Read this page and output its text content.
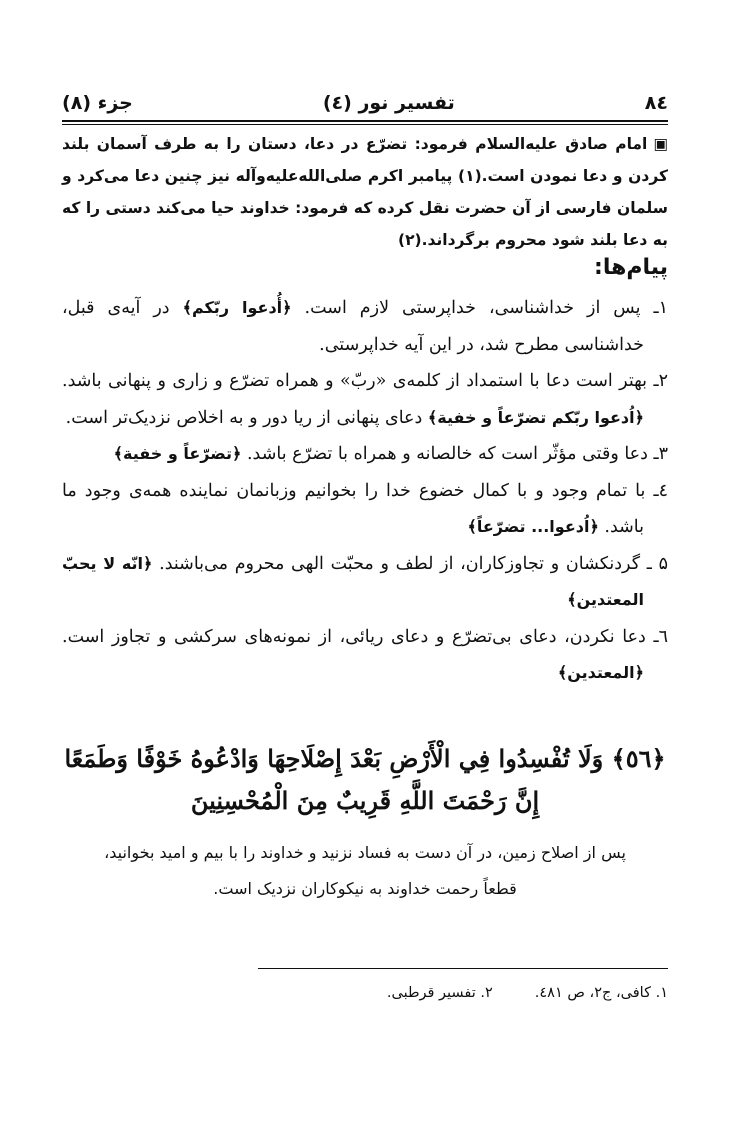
۸٤
تفسیر نور (٤)
جزء (۸)
▣امام صادق علیه‌السلام فرمود: تضرّع در دعا، دستان را به طرف آسمان بلند کردن و دعا نمودن است.(۱) پیامبر اکرم صلی‌الله‌علیه‌وآله نیز چنین دعا می‌کرد و سلمان فارسی از آن حضرت نقل کرده که فرمود: خداوند حیا می‌کند دستی را که به دعا بلند شود محروم برگرداند.(۲)
پیام‌ها:

۱ـ پس از خداشناسی، خداپرستی لازم است. ﴿أُدعوا ربّکم﴾ در آیه‌ی قبل، خداشناسی مطرح شد، در این آیه خداپرستی.

۲ـ بهتر است دعا با استمداد از کلمه‌ی «ربّ» و همراه تضرّع و زاری و پنهانی باشد. ﴿اُدعوا ربّکم تضرّعاً و خفیة﴾ دعای پنهانی از ریا دور و به اخلاص نزدیک‌تر است.

۳ـ دعا وقتی مؤثّر است که خالصانه و همراه با تضرّع باشد. ﴿تضرّعاً و خفیة﴾

٤ـ با تمام وجود و با کمال خضوع خدا را بخوانیم وزبانمان نماینده همه‌ی وجود ما باشد. ﴿اُدعوا... تضرّعاً﴾

۵ ـ گردنکشان و تجاوزکاران، از لطف و محبّت الهی محروم می‌باشند. ﴿انّه لا یحبّ المعتدین﴾

٦ـ دعا نکردن، دعای بی‌تضرّع و دعای ریائی، از نمونه‌های سرکشی و تجاوز است. ﴿المعتدین﴾

﴿٥٦﴾ وَلَا تُفْسِدُوا فِي الْأَرْضِ بَعْدَ إِصْلَاحِهَا وَادْعُوهُ خَوْفًا وَطَمَعًا إِنَّ رَحْمَتَ اللَّهِ قَرِيبٌ مِنَ الْمُحْسِنِينَ
پس از اصلاح زمین، در آن دست به فساد نزنید و خداوند را با بیم و امید بخوانید، قطعاً رحمت خداوند به نیکوکاران نزدیک است.
۱. کافی، ج۲، ص ٤۸۱.
۲. تفسیر قرطبی.
